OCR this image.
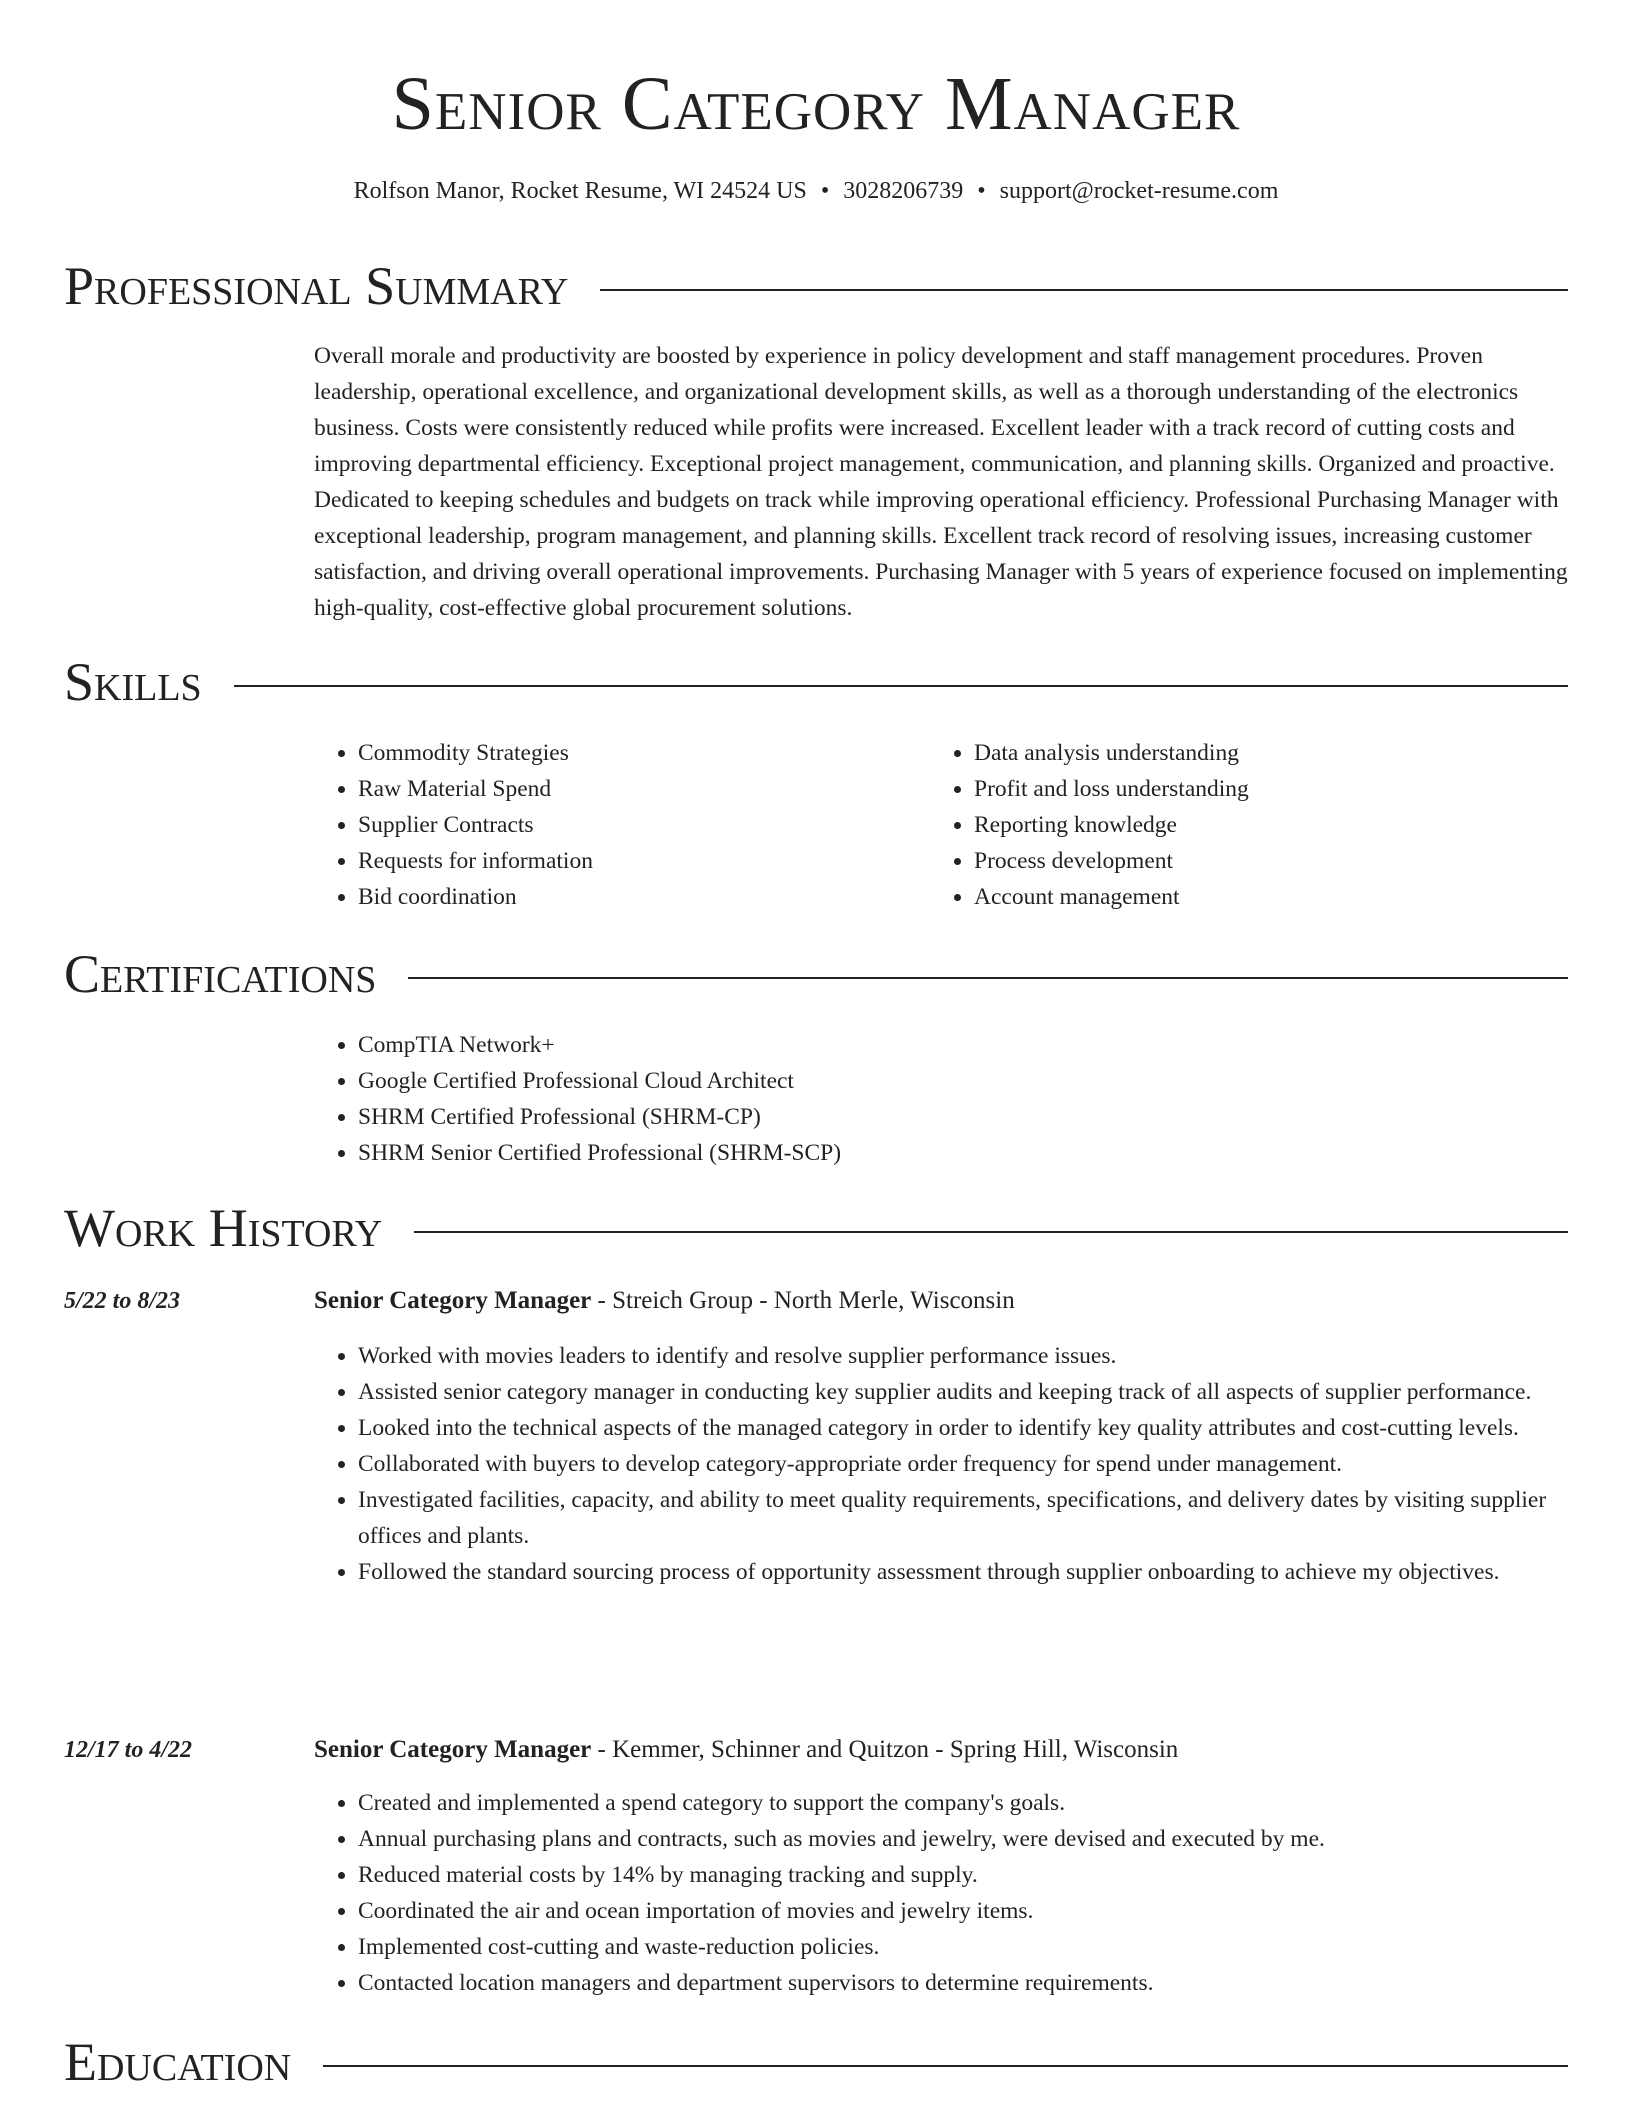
Senior Category Manager
Rolfson Manor, Rocket Resume, WI 24524 US • 3028206739 • support@rocket-resume.com
Professional Summary

Overall morale and productivity are boosted by experience in policy development and staff management procedures. Proven leadership, operational excellence, and organizational development skills, as well as a thorough understanding of the electronics business. Costs were consistently reduced while profits were increased. Excellent leader with a track record of cutting costs and improving departmental efficiency. Exceptional project management, communication, and planning skills. Organized and proactive. Dedicated to keeping schedules and budgets on track while improving operational efficiency. Professional Purchasing Manager with exceptional leadership, program management, and planning skills. Excellent track record of resolving issues, increasing customer satisfaction, and driving overall operational improvements. Purchasing Manager with 5 years of experience focused on implementing high-quality, cost-effective global procurement solutions.

Skills
• Commodity Strategies
• Raw Material Spend
• Supplier Contracts
• Requests for information
• Bid coordination
• Data analysis understanding
• Profit and loss understanding
• Reporting knowledge
• Process development
• Account management
Certifications
• CompTIA Network+
• Google Certified Professional Cloud Architect
• SHRM Certified Professional (SHRM-CP)
• SHRM Senior Certified Professional (SHRM-SCP)
Work History
5/22 to 8/23	Senior Category Manager - Streich Group - North Merle, Wisconsin
• Worked with movies leaders to identify and resolve supplier performance issues.
• Assisted senior category manager in conducting key supplier audits and keeping track of all aspects of supplier performance.
• Looked into the technical aspects of the managed category in order to identify key quality attributes and cost-cutting levels.
• Collaborated with buyers to develop category-appropriate order frequency for spend under management.
• Investigated facilities, capacity, and ability to meet quality requirements, specifications, and delivery dates by visiting supplier offices and plants.
• Followed the standard sourcing process of opportunity assessment through supplier onboarding to achieve my objectives.
12/17 to 4/22	Senior Category Manager - Kemmer, Schinner and Quitzon - Spring Hill, Wisconsin
• Created and implemented a spend category to support the company's goals.
• Annual purchasing plans and contracts, such as movies and jewelry, were devised and executed by me.
• Reduced material costs by 14% by managing tracking and supply.
• Coordinated the air and ocean importation of movies and jewelry items.
• Implemented cost-cutting and waste-reduction policies.
• Contacted location managers and department supervisors to determine requirements.
Education
